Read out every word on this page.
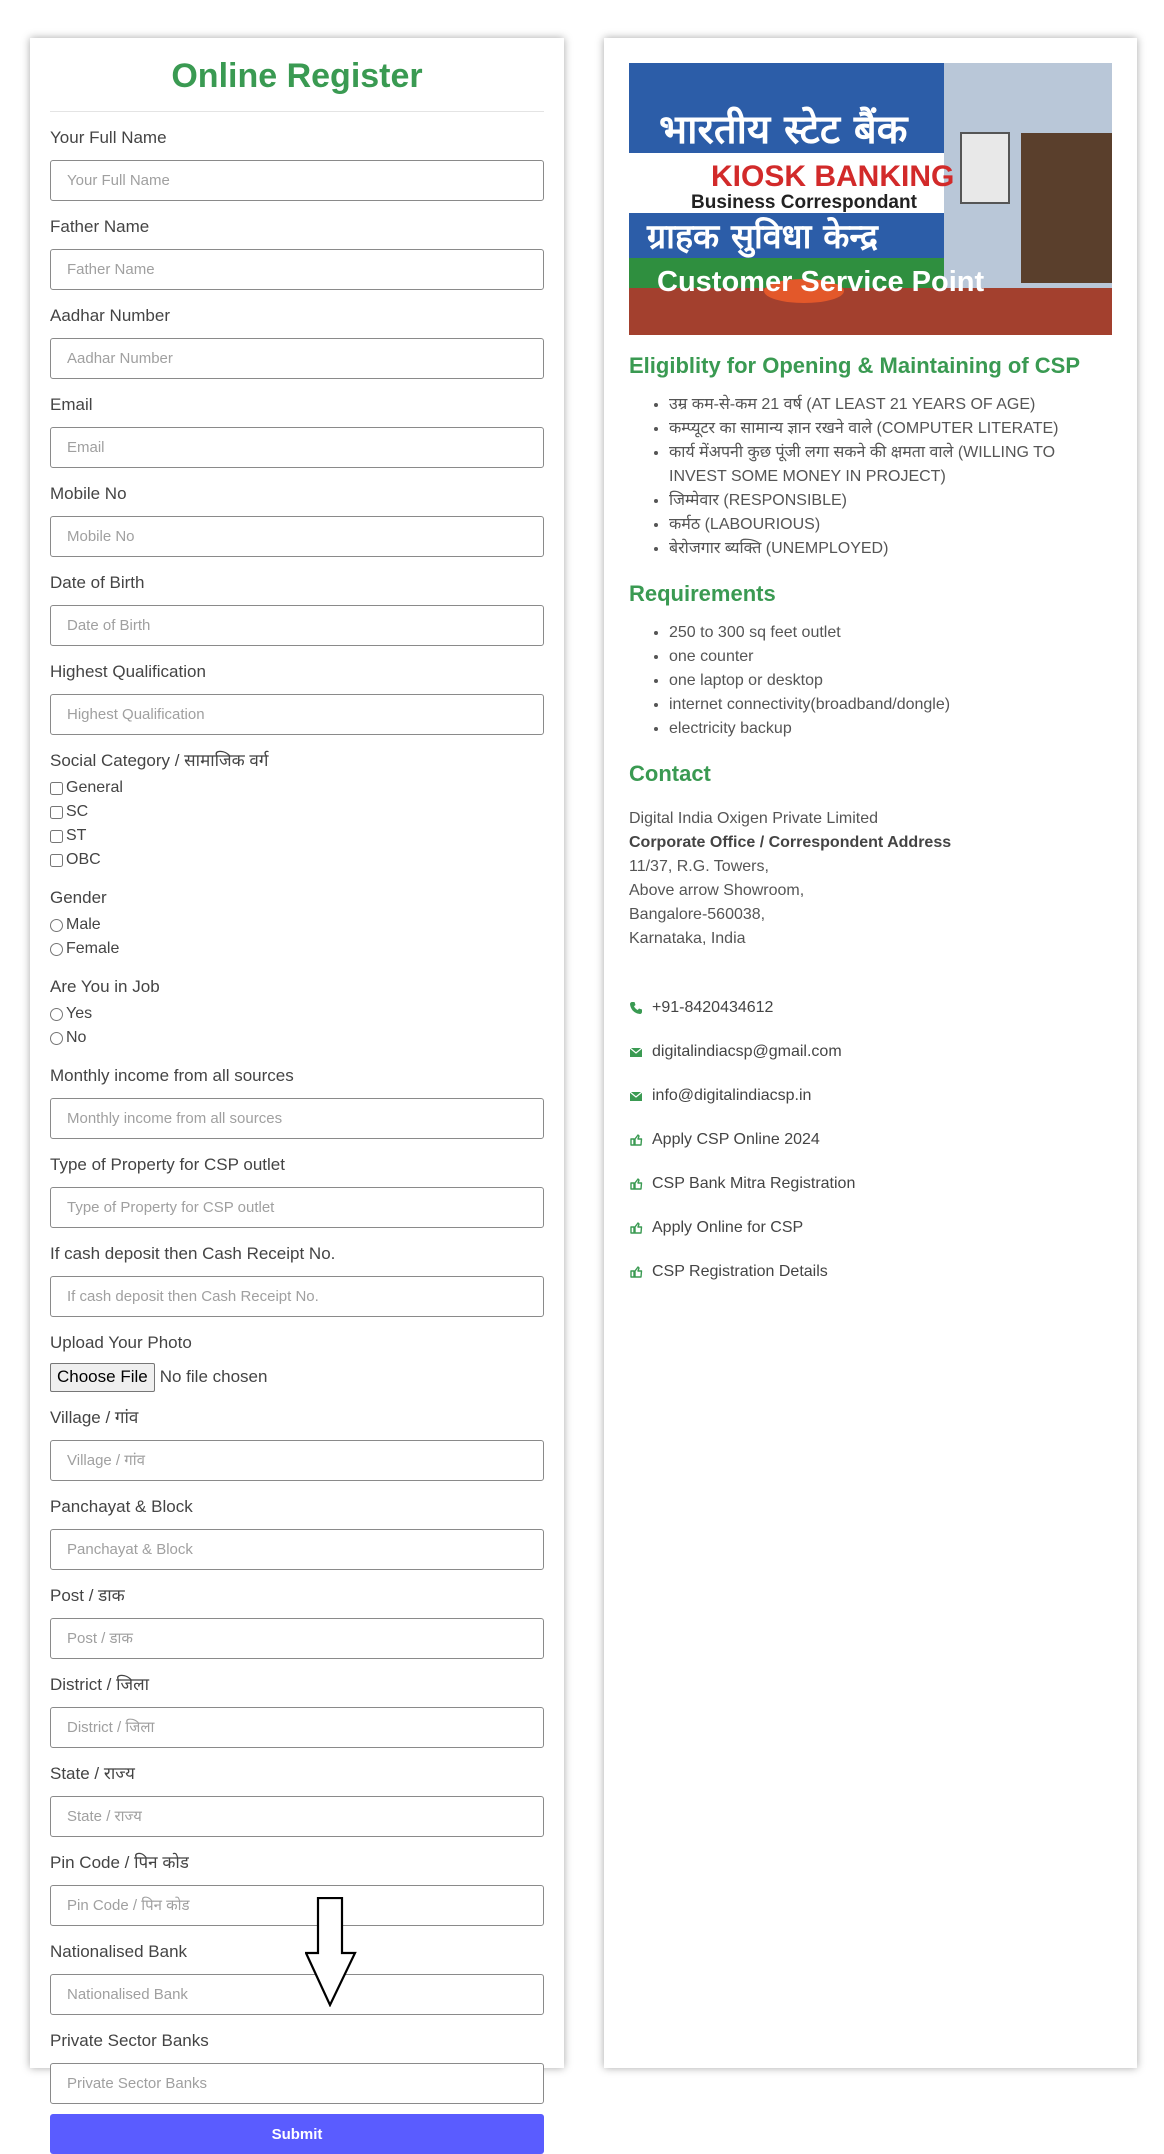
Online Register
Your Full Name
Your Full Name
Father Name
Father Name
Aadhar Number
Aadhar Number
Email
Email
Mobile No
Mobile No
Date of Birth
Date of Birth
Highest Qualification
Highest Qualification
Social Category / सामाजिक वर्ग
General
SC
ST
OBC
Gender
Male
Female
Are You in Job
Yes
No
Monthly income from all sources
Monthly income from all sources
Type of Property for CSP outlet
Type of Property for CSP outlet
If cash deposit then Cash Receipt No.
If cash deposit then Cash Receipt No.
Upload Your Photo
Choose File No file chosen
Village / गांव
Village / गांव
Panchayat & Block
Panchayat & Block
Post / डाक
Post / डाक
District / जिला
District / जिला
State / राज्य
State / राज्य
Pin Code / पिन कोड
Pin Code / पिन कोड
Nationalised Bank
Nationalised Bank
Private Sector Banks
Private Sector Banks
Submit
भारतीय स्टेट बैंक
KIOSK BANKING
Business Correspondant
ग्राहक सुविधा केन्द्र
Customer Service Point
Eligiblity for Opening & Maintaining of CSP
• उम्र कम-से-कम 21 वर्ष (AT LEAST 21 YEARS OF AGE)
• कम्प्यूटर का सामान्य ज्ञान रखने वाले (COMPUTER LITERATE)
• कार्य मेंअपनी कुछ पूंजी लगा सकने की क्षमता वाले (WILLING TO INVEST SOME MONEY IN PROJECT)
• जिम्मेवार (RESPONSIBLE)
• कर्मठ (LABOURIOUS)
• बेरोजगार ब्यक्ति (UNEMPLOYED)
Requirements
• 250 to 300 sq feet outlet
• one counter
• one laptop or desktop
• internet connectivity(broadband/dongle)
• electricity backup
Contact
Digital India Oxigen Private Limited
Corporate Office / Correspondent Address
11/37, R.G. Towers,
Above arrow Showroom,
Bangalore-560038,
Karnataka, India
+91-8420434612
digitalindiacsp@gmail.com
info@digitalindiacsp.in
Apply CSP Online 2024
CSP Bank Mitra Registration
Apply Online for CSP
CSP Registration Details
